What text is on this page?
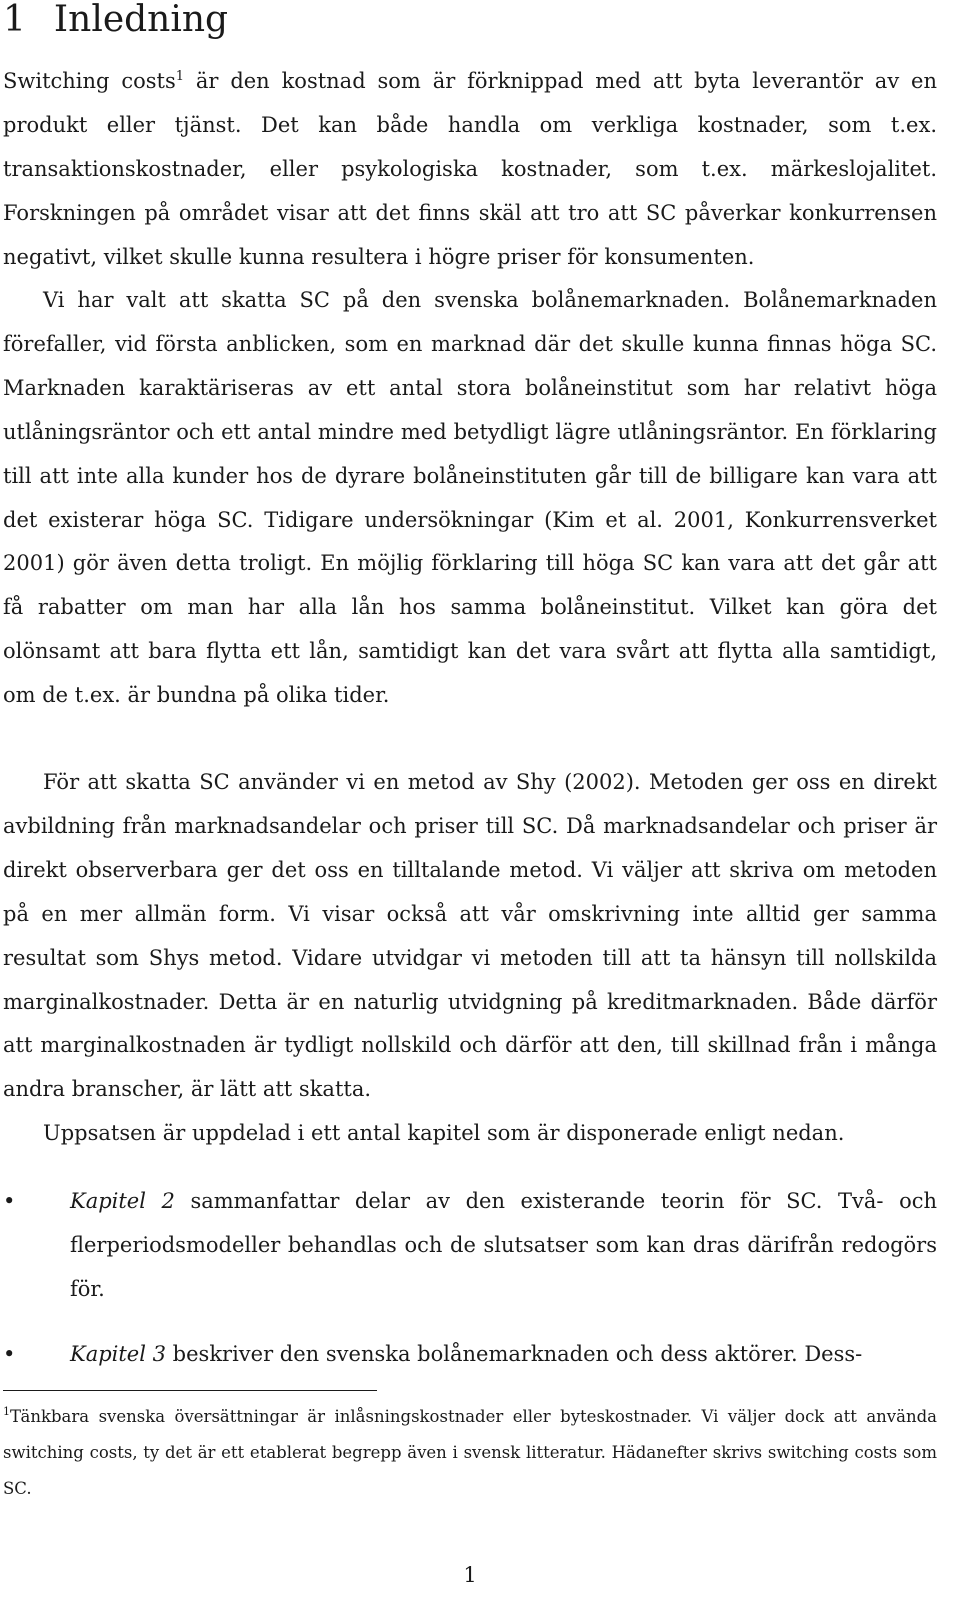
1 Inledning

Switching costs$^1$ är den kostnad som är förknippad med att byta leverantör av en produkt eller tjänst. Det kan både handla om verkliga kostnader, som t.ex. transaktionskostnader, eller psykologiska kostnader, som t.ex. märkeslojalitet. Forskningen på området visar att det finns skäl att tro att SC påverkar konkurrensen negativt, vilket skulle kunna resultera i högre priser för konsumenten.

Vi har valt att skatta SC på den svenska bolånemarknaden. Bolånemarknaden förefaller, vid första anblicken, som en marknad där det skulle kunna finnas höga SC. Marknaden karaktäriseras av ett antal stora bolåneinstitut som har relativt höga utlåningsräntor och ett antal mindre med betydligt lägre utlåningsräntor. En förklaring till att inte alla kunder hos de dyrare bolåneinstituten går till de billigare kan vara att det existerar höga SC. Tidigare undersökningar (Kim et al. 2001, Konkurrensverket 2001) gör även detta troligt. En möjlig förklaring till höga SC kan vara att det går att få rabatter om man har alla lån hos samma bolåneinstitut. Vilket kan göra det olönsamt att bara flytta ett lån, samtidigt kan det vara svårt att flytta alla samtidigt, om de t.ex. är bundna på olika tider.

För att skatta SC använder vi en metod av Shy (2002). Metoden ger oss en direkt avbildning från marknadsandelar och priser till SC. Då marknadsandelar och priser är direkt observerbara ger det oss en tilltalande metod. Vi väljer att skriva om metoden på en mer allmän form. Vi visar också att vår omskrivning inte alltid ger samma resultat som Shys metod. Vidare utvidgar vi metoden till att ta hänsyn till nollskilda marginalkostnader. Detta är en naturlig utvidgning på kreditmarknaden. Både därför att marginalkostnaden är tydligt nollskild och därför att den, till skillnad från i många andra branscher, är lätt att skatta.

Uppsatsen är uppdelad i ett antal kapitel som är disponerade enligt nedan.

•	Kapitel 2 sammanfattar delar av den existerande teorin för SC. Två- och flerperiodsmodeller behandlas och de slutsatser som kan dras därifrån redogörs för.

•	Kapitel 3 beskriver den svenska bolånemarknaden och dess aktörer. Dess-

$^1$Tänkbara svenska översättningar är inlåsningskostnader eller byteskostnader. Vi väljer dock att använda switching costs, ty det är ett etablerat begrepp även i svensk litteratur. Hädanefter skrivs switching costs som SC.

1
